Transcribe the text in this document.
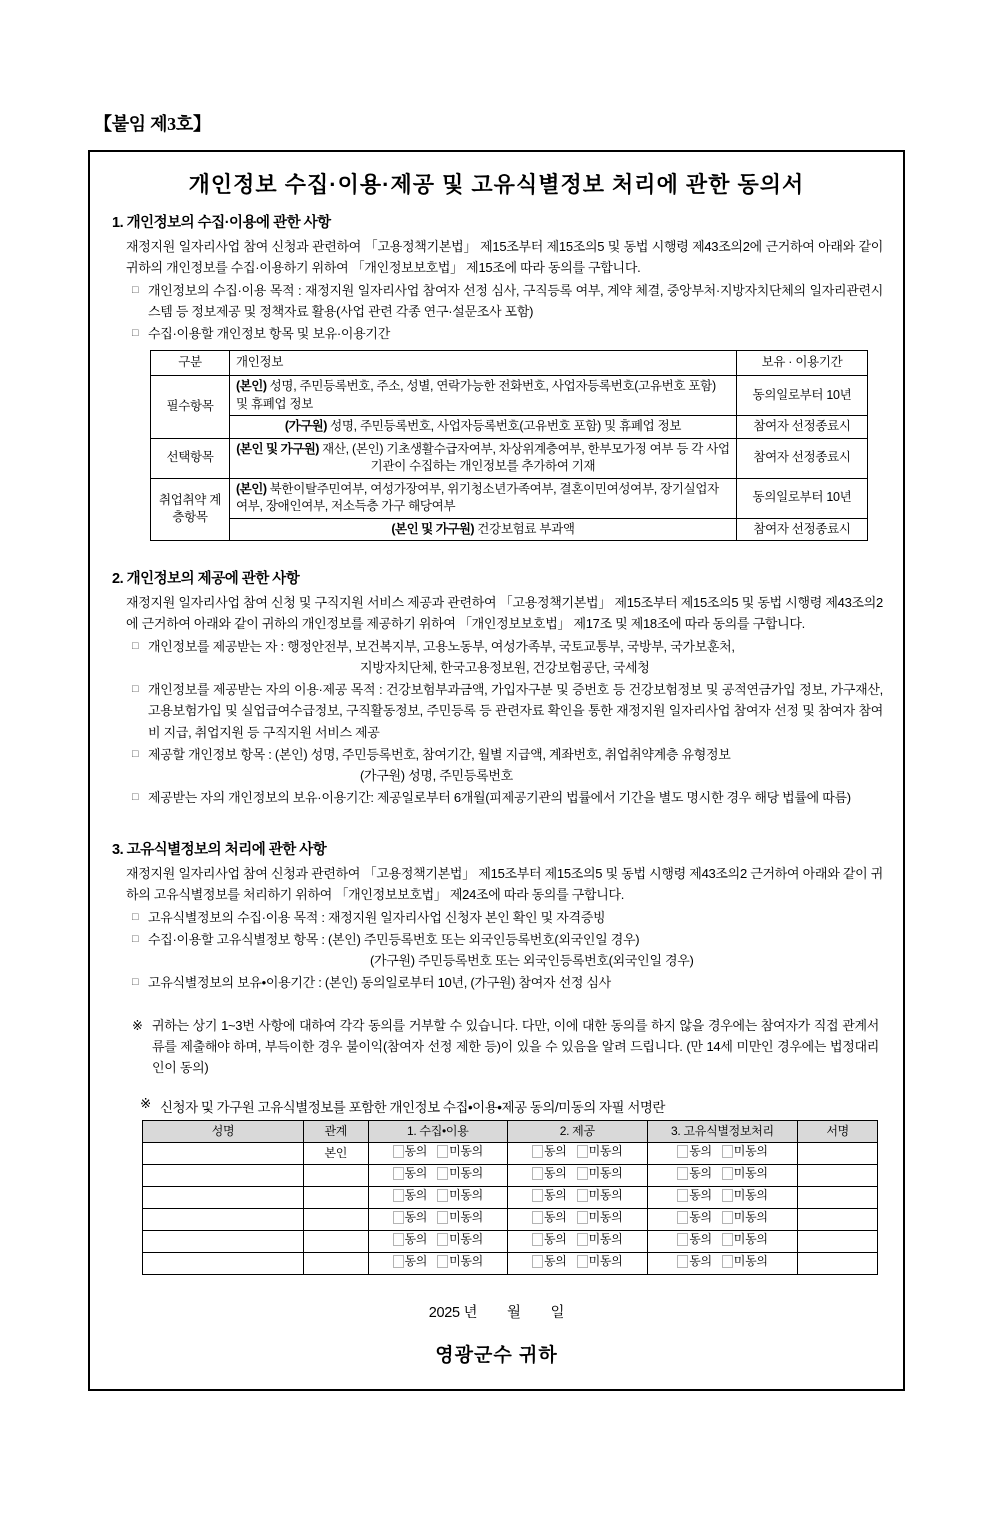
【붙임 제3호】
개인정보 수집·이용·제공 및 고유식별정보 처리에 관한 동의서
1. 개인정보의 수집·이용에 관한 사항
재정지원 일자리사업 참여 신청과 관련하여 「고용정책기본법」 제15조부터 제15조의5 및 동법 시행령 제43조의2에 근거하여 아래와 같이 귀하의 개인정보를 수집·이용하기 위하여 「개인정보보호법」 제15조에 따라 동의를 구합니다.
□ 개인정보의 수집·이용 목적 : 재정지원 일자리사업 참여자 선정 심사, 구직등록 여부, 계약 체결, 중앙부처·지방자치단체의 일자리관련시스템 등 정보제공 및 정책자료 활용(사업 관련 각종 연구·설문조사 포함)
□ 수집·이용할 개인정보 항목 및 보유·이용기간
구분	개인정보	보유 · 이용기간
필수항목	(본인) 성명, 주민등록번호, 주소, 성별, 연락가능한 전화번호, 사업자등록번호(고유번호 포함) 및 휴폐업 정보	동의일로부터 10년
	(가구원) 성명, 주민등록번호, 사업자등록번호(고유번호 포함) 및 휴폐업 정보	참여자 선정종료시
선택항목	(본인 및 가구원) 재산, (본인) 기초생활수급자여부, 차상위계층여부, 한부모가정 여부 등 각 사업기관이 수집하는 개인정보를 추가하여 기재	참여자 선정종료시
취업취약 계층항목	(본인) 북한이탈주민여부, 여성가장여부, 위기청소년가족여부, 결혼이민여성여부, 장기실업자여부, 장애인여부, 저소득층 가구 해당여부	동의일로부터 10년
	(본인 및 가구원) 건강보험료 부과액	참여자 선정종료시
2. 개인정보의 제공에 관한 사항
재정지원 일자리사업 참여 신청 및 구직지원 서비스 제공과 관련하여 「고용정책기본법」 제15조부터 제15조의5 및 동법 시행령 제43조의2에 근거하여 아래와 같이 귀하의 개인정보를 제공하기 위하여 「개인정보보호법」 제17조 및 제18조에 따라 동의를 구합니다.
□ 개인정보를 제공받는 자 : 행정안전부, 보건복지부, 고용노동부, 여성가족부, 국토교통부, 국방부, 국가보훈처,
지방자치단체, 한국고용정보원, 건강보험공단, 국세청
□ 개인정보를 제공받는 자의 이용·제공 목적 : 건강보험부과금액, 가입자구분 및 증번호 등 건강보험정보 및 공적연금가입 정보, 가구재산, 고용보험가입 및 실업급여수급정보, 구직활동정보, 주민등록 등 관련자료 확인을 통한 재정지원 일자리사업 참여자 선정 및 참여자 참여비 지급, 취업지원 등 구직지원 서비스 제공
□ 제공할 개인정보 항목 : (본인) 성명, 주민등록번호, 참여기간, 월별 지급액, 계좌번호, 취업취약계층 유형정보
(가구원) 성명, 주민등록번호
□ 제공받는 자의 개인정보의 보유·이용기간: 제공일로부터 6개월(피제공기관의 법률에서 기간을 별도 명시한 경우 해당 법률에 따름)
3. 고유식별정보의 처리에 관한 사항
재정지원 일자리사업 참여 신청과 관련하여 「고용정책기본법」 제15조부터 제15조의5 및 동법 시행령 제43조의2 근거하여 아래와 같이 귀하의 고유식별정보를 처리하기 위하여 「개인정보보호법」 제24조에 따라 동의를 구합니다.
□ 고유식별정보의 수집·이용 목적 : 재정지원 일자리사업 신청자 본인 확인 및 자격증빙
□ 수집·이용할 고유식별정보 항목 : (본인) 주민등록번호 또는 외국인등록번호(외국인일 경우)
(가구원) 주민등록번호 또는 외국인등록번호(외국인일 경우)
□ 고유식별정보의 보유•이용기간 : (본인) 동의일로부터 10년, (가구원) 참여자 선정 심사
※ 귀하는 상기 1~3번 사항에 대하여 각각 동의를 거부할 수 있습니다. 다만, 이에 대한 동의를 하지 않을 경우에는 참여자가 직접 관계서류를 제출해야 하며, 부득이한 경우 불이익(참여자 선정 제한 등)이 있을 수 있음을 알려 드립니다. (만 14세 미만인 경우에는 법정대리인이 동의)
※ 신청자 및 가구원 고유식별정보를 포함한 개인정보 수집•이용•제공 동의/미동의 자필 서명란
성명	관계	1. 수집•이용	2. 제공	3. 고유식별정보처리	서명
	본인	동의 미동의	동의 미동의	동의 미동의	

		동의 미동의	동의 미동의	동의 미동의	

		동의 미동의	동의 미동의	동의 미동의	

		동의 미동의	동의 미동의	동의 미동의	

		동의 미동의	동의 미동의	동의 미동의	

		동의 미동의	동의 미동의	동의 미동의	

2025 년        월        일
영광군수 귀하
